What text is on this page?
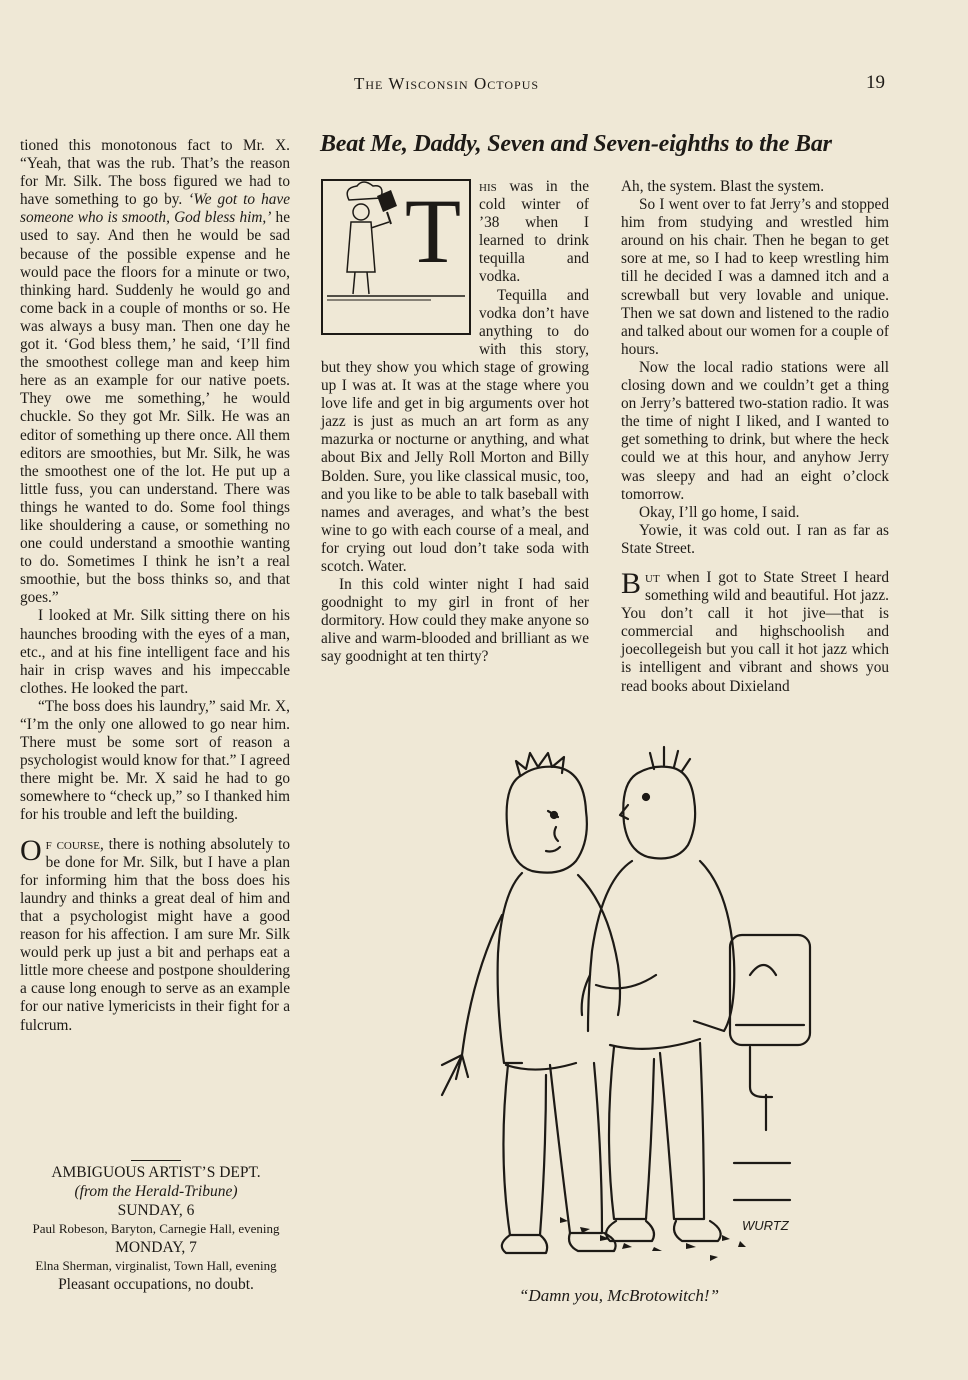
The Wisconsin Octopus	19

tioned this monotonous fact to Mr. X. “Yeah, that was the rub. That’s the reason for Mr. Silk. The boss figured we had to have something to go by. ‘We got to have someone who is smooth, God bless him,’ he used to say. And then he would be sad because of the possible expense and he would pace the floors for a minute or two, thinking hard. Suddenly he would go and come back in a couple of months or so. He was always a busy man. Then one day he got it. ‘God bless them,’ he said, ‘I’ll find the smoothest college man and keep him here as an example for our native poets. They owe me something,’ he would chuckle. So they got Mr. Silk. He was an editor of something up there once. All them editors are smoothies, but Mr. Silk, he was the smoothest one of the lot. He put up a little fuss, you can understand. There was things he wanted to do. Some fool things like shouldering a cause, or something no one could understand a smoothie wanting to do. Sometimes I think he isn’t a real smoothie, but the boss thinks so, and that goes.”

I looked at Mr. Silk sitting there on his haunches brooding with the eyes of a man, etc., and at his fine intelligent face and his hair in crisp waves and his impeccable clothes. He looked the part.

“The boss does his laundry,” said Mr. X, “I’m the only one allowed to go near him. There must be some sort of reason a psychologist would know for that.” I agreed there might be. Mr. X said he had to go somewhere to “check up,” so I thanked him for his trouble and left the building.

Of course, there is nothing absolutely to be done for Mr. Silk, but I have a plan for informing him that the boss does his laundry and thinks a great deal of him and that a psychologist might have a good reason for his affection. I am sure Mr. Silk would perk up just a bit and perhaps eat a little more cheese and postpone shouldering a cause long enough to serve as an example for our native lymericists in their fight for a fulcrum.

AMBIGUOUS ARTIST’S DEPT.
(from the Herald-Tribune)
SUNDAY, 6
Paul Robeson, Baryton, Carnegie Hall, evening
MONDAY, 7
Elna Sherman, virginalist, Town Hall, evening
Pleasant occupations, no doubt.
Beat Me, Daddy, Seven and Seven-eighths to the Bar
T	his was in the cold winter of ’38 when I learned to drink tequilla and vodka.

Tequilla and vodka don’t have anything to do with this story, but they show you which stage of growing up I was at. It was at the stage where you love life and get in big arguments over hot jazz is just as much an art form as any mazurka or nocturne or anything, and what about Bix and Jelly Roll Morton and Billy Bolden. Sure, you like classical music, too, and you like to be able to talk baseball with names and averages, and what’s the best wine to go with each course of a meal, and for crying out loud don’t take soda with scotch. Water.

In this cold winter night I had said goodnight to my girl in front of her dormitory. How could they make anyone so alive and warm-blooded and brilliant as we say goodnight at ten thirty?

Ah, the system. Blast the system.

So I went over to fat Jerry’s and stopped him from studying and wrestled him around on his chair. Then he began to get sore at me, so I had to keep wrestling him till he decided I was a damned itch and a screwball but very lovable and unique. Then we sat down and listened to the radio and talked about our women for a couple of hours.

Now the local radio stations were all closing down and we couldn’t get a thing on Jerry’s battered two-station radio. It was the time of night I liked, and I wanted to get something to drink, but where the heck could we at this hour, and anyhow Jerry was sleepy and had an eight o’clock tomorrow.

Okay, I’ll go home, I said.

Yowie, it was cold out. I ran as far as State Street.

But when I got to State Street I heard something wild and beautiful. Hot jazz. You don’t call it hot jive—that is commercial and highschoolish and joecollegeish but you call it hot jazz which is intelligent and vibrant and shows you read books about Dixieland

WURTZ
“Damn you, McBrotowitch!”
